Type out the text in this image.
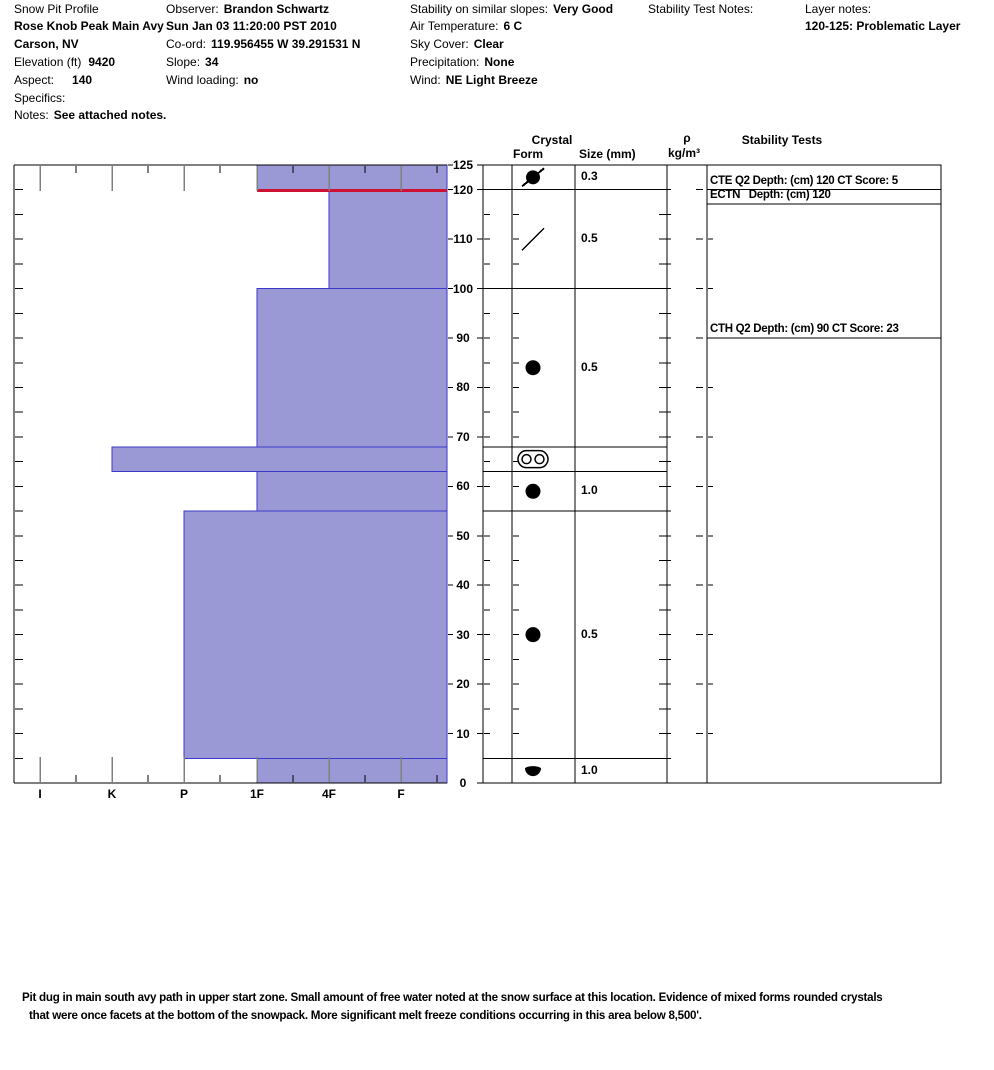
Snow Pit Profile
Rose Knob Peak Main Avy
Carson, NV
Elevation (ft) 9420
Aspect: 140
Specifics:
Notes: See attached notes.
Observer: Brandon Schwartz
Sun Jan 03 11:20:00 PST 2010
Co-ord: 119.956455 W 39.291531 N
Slope: 34
Wind loading: no
Stability on similar slopes: Very Good
Air Temperature: 6 C
Sky Cover: Clear
Precipitation: None
Wind: NE Light Breeze
Stability Test Notes:	Layer notes:
120-125: Problematic Layer
Crystal
Form	Size (mm)
ρ
kg/m³
Stability Tests
125
120
110
100
90
80
70
60
50
40
30
20
10
0
I	K	P	1F	4F	F
0.3
0.5
0.5
1.0
0.5
1.0
CTE Q2 Depth: (cm) 120 CT Score: 5
ECTN   Depth: (cm) 120
CTH Q2 Depth: (cm) 90 CT Score: 23
Pit dug in main south avy path in upper start zone. Small amount of free water noted at the snow surface at this location. Evidence of mixed forms rounded crystals
that were once facets at the bottom of the snowpack. More significant melt freeze conditions occurring in this area below 8,500'.
